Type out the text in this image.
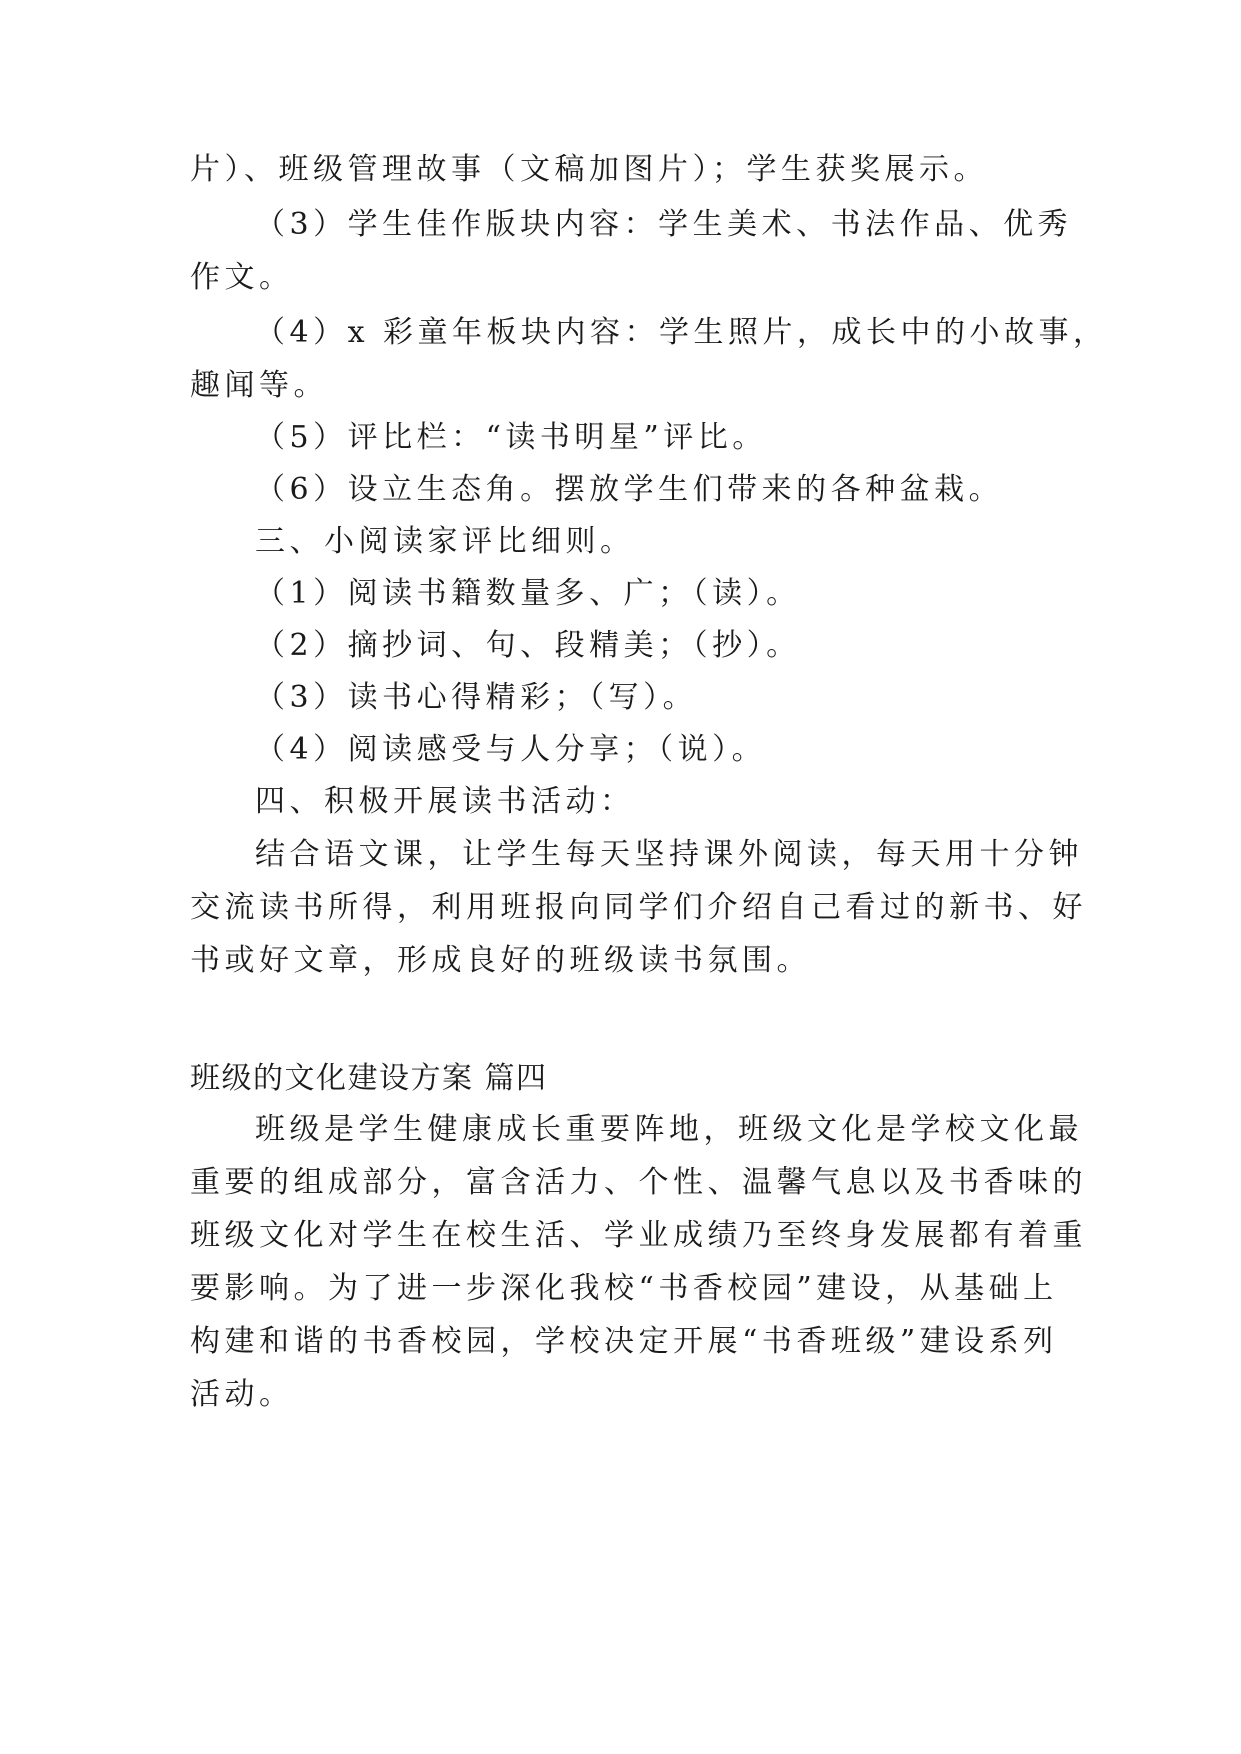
片）、班级管理故事（文稿加图片）；学生获奖展示。
（3）学生佳作版块内容：学生美术、书法作品、优秀
作文。
（4）x 彩童年板块内容：学生照片，成长中的小故事，
趣闻等。
（5）评比栏：“读书明星”评比。
（6）设立生态角。摆放学生们带来的各种盆栽。
三、小阅读家评比细则。
（1）阅读书籍数量多、广；（读）。
（2）摘抄词、句、段精美；（抄）。
（3）读书心得精彩；（写）。
（4）阅读感受与人分享；（说）。
四、积极开展读书活动：
结合语文课，让学生每天坚持课外阅读，每天用十分钟
交流读书所得，利用班报向同学们介绍自己看过的新书、好
书或好文章，形成良好的班级读书氛围。
班级的文化建设方案 篇四
班级是学生健康成长重要阵地，班级文化是学校文化最
重要的组成部分，富含活力、个性、温馨气息以及书香味的
班级文化对学生在校生活、学业成绩乃至终身发展都有着重
要影响。为了进一步深化我校“书香校园”建设，从基础上
构建和谐的书香校园，学校决定开展“书香班级”建设系列
活动。
